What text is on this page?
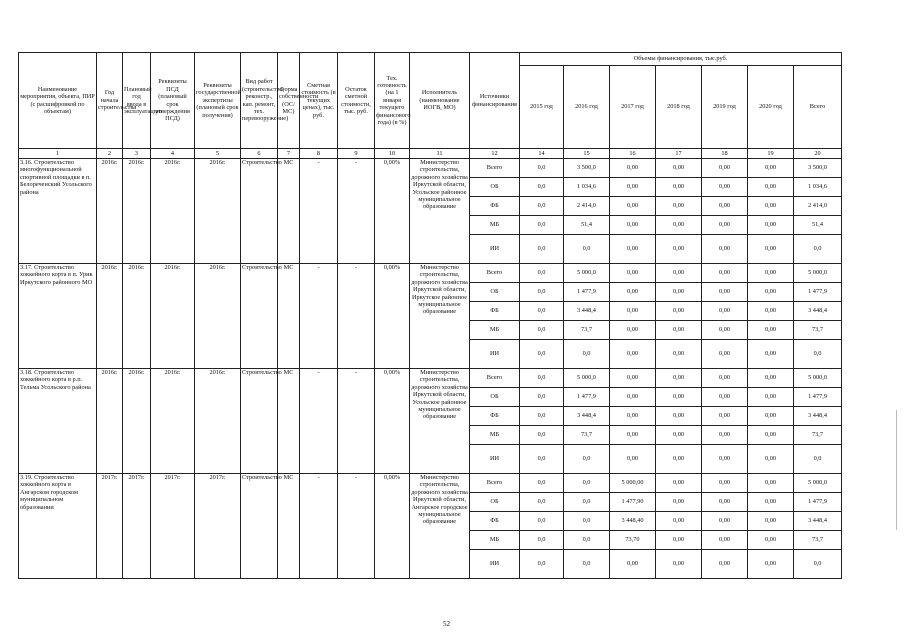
Наименование мероприятия, объекта, ПИР (с расшифровкой по объектам)	Год начала строительства	Плановый год ввода в эксплуатацию	Реквизиты ПСД (плановый срок утверждения ПСД)	Реквизиты государственной экспертизы (плановый срок получения)	Вид работ (строительство, реконстр., кап. ремонт, тех. перевооружение)	Форма собственности (ОС/МС)	Сметная стоимость (в текущих ценах), тыс. руб.	Остаток сметной стоимости, тыс. руб.	Тех. готовность (на 1 января текущего финансового года) (в %)	Исполнитель (наименование ИОГВ, МО)	Источники финансирования	Объемы финансирования, тыс.руб.						
												2015 год	2016 год	2017 год	2018 год	2019 год	2020 год	Всего
1	2	3	4	5	6	7	8	9	10	11	12	14	15	16	17	18	19	20
3.16. Строительство многофункциональной спортивной площадки в п. Белореченский Усольского района	2016г.	2016г.	2016г.	2016г.	Строительство	МС	-	-	0,00%	Министерство строительства, дорожного хозяйства Иркутской области, Усольское районное муниципальное образование	Всего	0,0	3 500,0	0,00	0,00	0,00	0,00	3 500,0
											ОБ	0,0	1 034,6	0,00	0,00	0,00	0,00	1 034,6
											ФБ	0,0	2 414,0	0,00	0,00	0,00	0,00	2 414,0
											МБ	0,0	51,4	0,00	0,00	0,00	0,00	51,4
											ИИ	0,0	0,0	0,00	0,00	0,00	0,00	0,0
3.17. Строительство хоккейного корта в п. Урик Иркутского районного МО	2016г.	2016г.	2016г.	2016г.	Строительство	МС	-	-	0,00%	Министерство строительства, дорожного хозяйства Иркутской области, Иркутское районное муниципальное образование	Всего	0,0	5 000,0	0,00	0,00	0,00	0,00	5 000,0
											ОБ	0,0	1 477,9	0,00	0,00	0,00	0,00	1 477,9
											ФБ	0,0	3 448,4	0,00	0,00	0,00	0,00	3 448,4
											МБ	0,0	73,7	0,00	0,00	0,00	0,00	73,7
											ИИ	0,0	0,0	0,00	0,00	0,00	0,00	0,0
3.18. Строительство хоккейного корта в р.п. Тельма Усольского района	2016г.	2016г.	2016г.	2016г.	Строительство	МС	-	-	0,00%	Министерство строительства, дорожного хозяйства Иркутской области, Усольское районное муниципальное образование	Всего	0,0	5 000,0	0,00	0,00	0,00	0,00	5 000,0
											ОБ	0,0	1 477,9	0,00	0,00	0,00	0,00	1 477,9
											ФБ	0,0	3 448,4	0,00	0,00	0,00	0,00	3 448,4
											МБ	0,0	73,7	0,00	0,00	0,00	0,00	73,7
											ИИ	0,0	0,0	0,00	0,00	0,00	0,00	0,0
3.19. Строительство хоккейного корта в Ангарском городском муниципальном образовании	2017г.	2017г.	2017г.	2017г.	Строительство	МС	-	-	0,00%	Министерство строительства, дорожного хозяйства Иркутской области, Ангарское городское муниципальное образование	Всего	0,0	0,0	5 000,00	0,00	0,00	0,00	5 000,0
											ОБ	0,0	0,0	1 477,90	0,00	0,00	0,00	1 477,9
											ФБ	0,0	0,0	3 448,40	0,00	0,00	0,00	3 448,4
											МБ	0,0	0,0	73,70	0,00	0,00	0,00	73,7
											ИИ	0,0	0,0	0,00	0,00	0,00	0,00	0,0
52
